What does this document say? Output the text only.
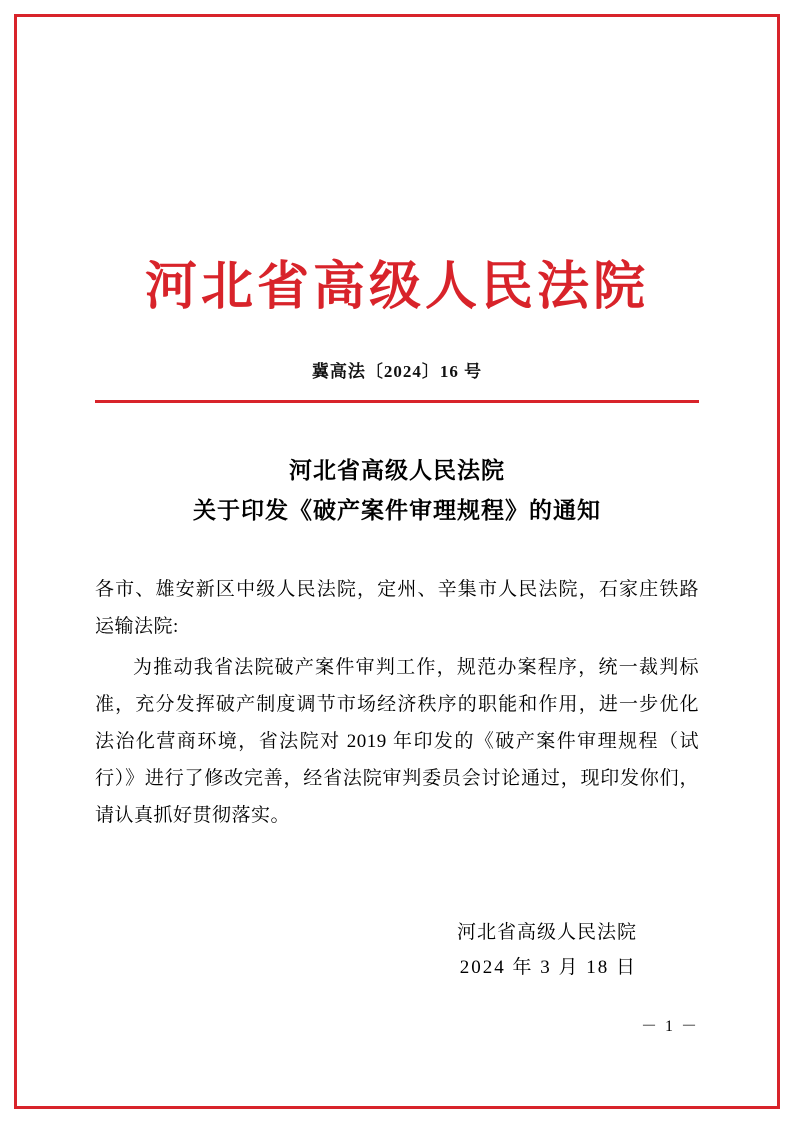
河北省高级人民法院
冀高法〔2024〕16 号
河北省高级人民法院
关于印发《破产案件审理规程》的通知
各市、雄安新区中级人民法院，定州、辛集市人民法院，石家庄铁路运输法院:
为推动我省法院破产案件审判工作，规范办案程序，统一裁判标准，充分发挥破产制度调节市场经济秩序的职能和作用，进一步优化法治化营商环境，省法院对 2019 年印发的《破产案件审理规程（试行）》进行了修改完善，经省法院审判委员会讨论通过，现印发你们，请认真抓好贯彻落实。
河北省高级人民法院
2024 年 3 月 18 日
－ 1 －
